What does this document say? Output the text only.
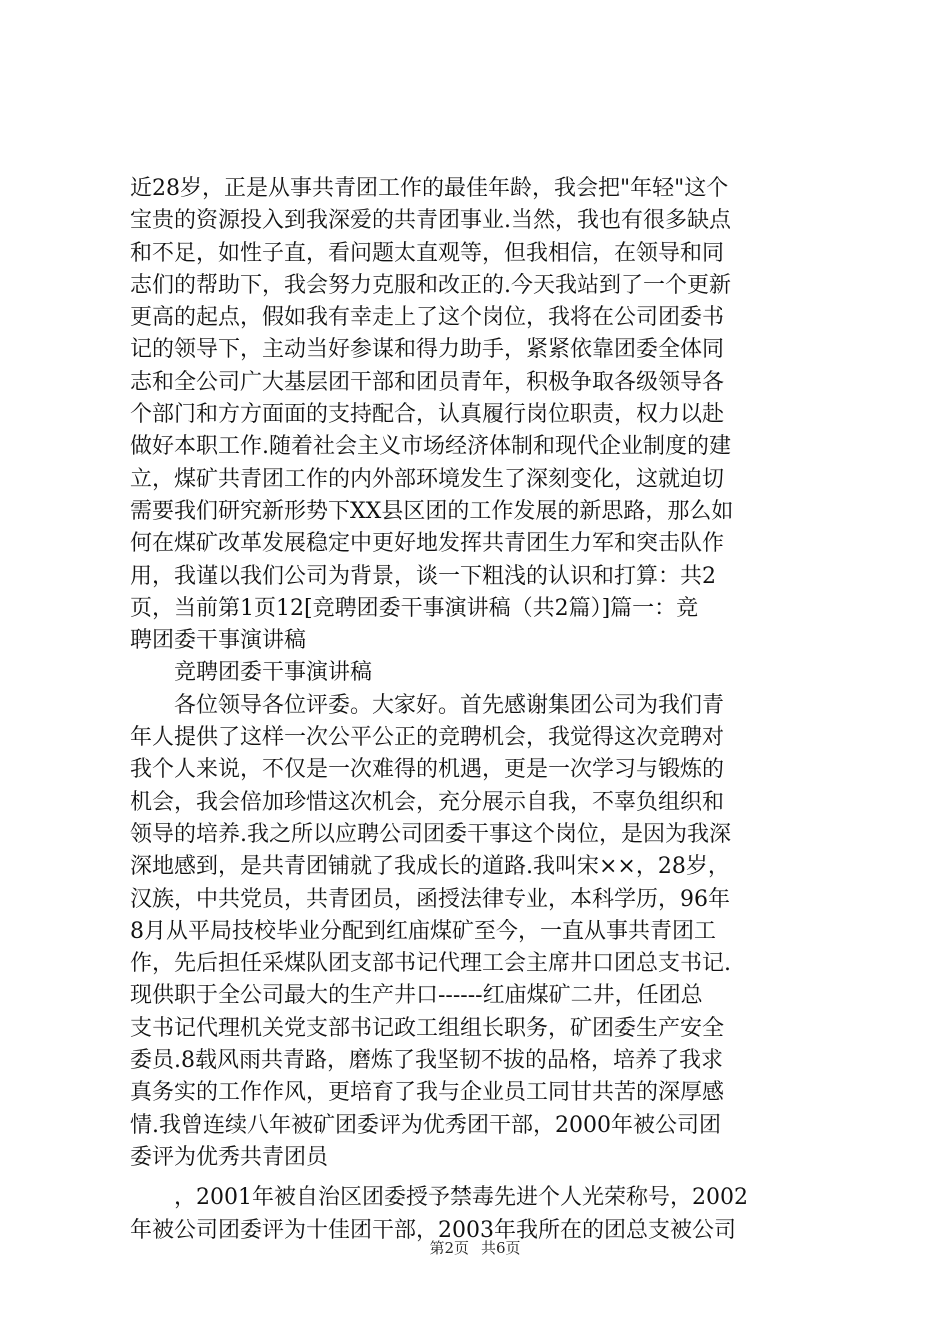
近28岁，正是从事共青团工作的最佳年龄，我会把"年轻"这个
宝贵的资源投入到我深爱的共青团事业.当然，我也有很多缺点
和不足，如性子直，看问题太直观等，但我相信，在领导和同
志们的帮助下，我会努力克服和改正的.今天我站到了一个更新
更高的起点，假如我有幸走上了这个岗位，我将在公司团委书
记的领导下，主动当好参谋和得力助手，紧紧依靠团委全体同
志和全公司广大基层团干部和团员青年，积极争取各级领导各
个部门和方方面面的支持配合，认真履行岗位职责，权力以赴
做好本职工作.随着社会主义市场经济体制和现代企业制度的建
立，煤矿共青团工作的内外部环境发生了深刻变化，这就迫切
需要我们研究新形势下XX县区团的工作发展的新思路，那么如
何在煤矿改革发展稳定中更好地发挥共青团生力军和突击队作
用，我谨以我们公司为背景，谈一下粗浅的认识和打算：共2
页，当前第1页12[竞聘团委干事演讲稿（共2篇）]篇一：竞
聘团委干事演讲稿
　　竞聘团委干事演讲稿
　　各位领导各位评委。大家好。首先感谢集团公司为我们青
年人提供了这样一次公平公正的竞聘机会，我觉得这次竞聘对
我个人来说，不仅是一次难得的机遇，更是一次学习与锻炼的
机会，我会倍加珍惜这次机会，充分展示自我，不辜负组织和
领导的培养.我之所以应聘公司团委干事这个岗位，是因为我深
深地感到，是共青团铺就了我成长的道路.我叫宋××，28岁，
汉族，中共党员，共青团员，函授法律专业，本科学历，96年
8月从平局技校毕业分配到红庙煤矿至今，一直从事共青团工
作，先后担任采煤队团支部书记代理工会主席井口团总支书记.
现供职于全公司最大的生产井口------红庙煤矿二井，任团总
支书记代理机关党支部书记政工组组长职务，矿团委生产安全
委员.8载风雨共青路，磨炼了我坚韧不拔的品格，培养了我求
真务实的工作作风，更培育了我与企业员工同甘共苦的深厚感
情.我曾连续八年被矿团委评为优秀团干部，2000年被公司团
委评为优秀共青团员
　　，2001年被自治区团委授予禁毒先进个人光荣称号，2002
年被公司团委评为十佳团干部，2003年我所在的团总支被公司
第2页 共6页
